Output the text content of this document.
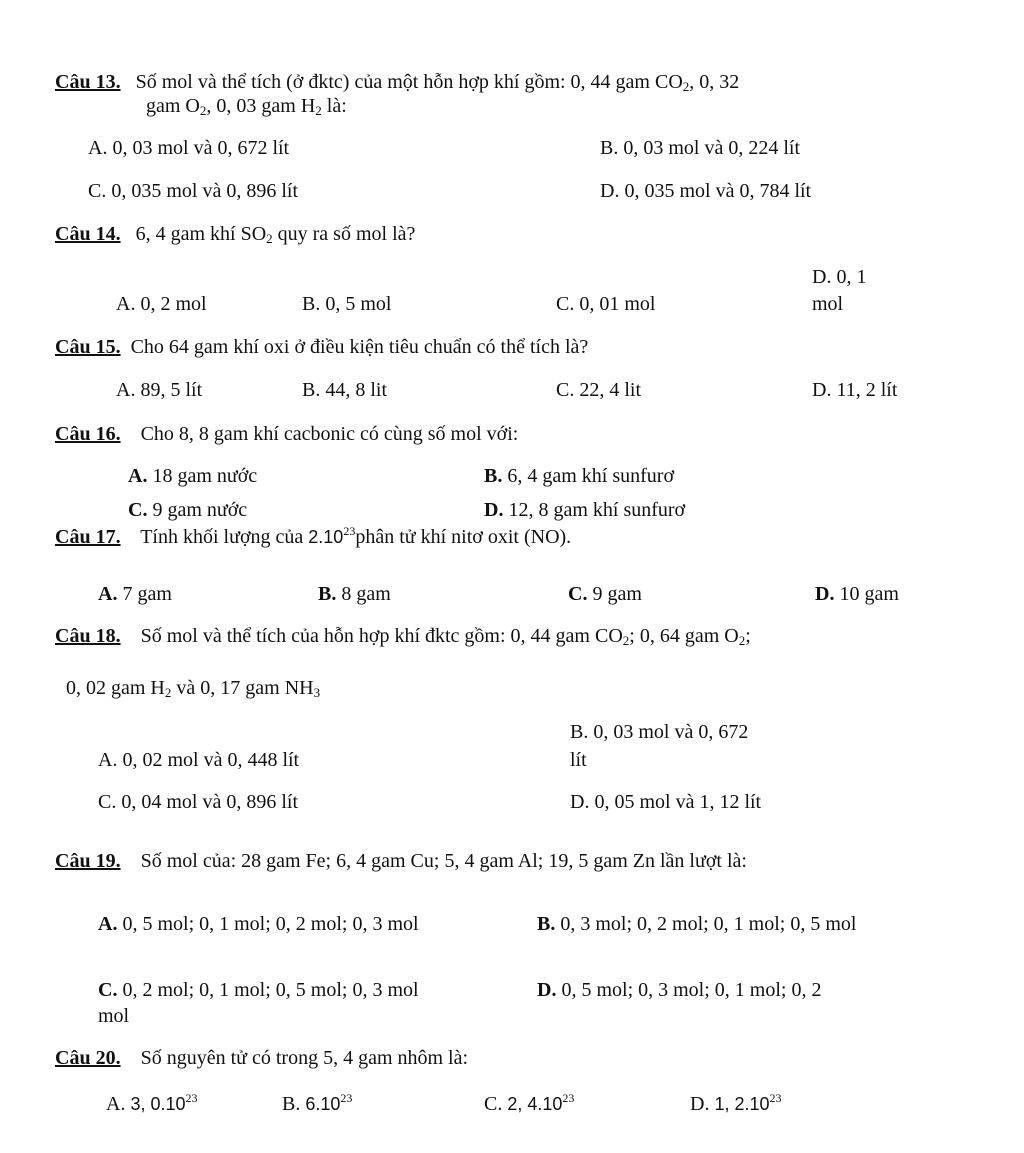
Câu 13. Số mol và thể tích (ở đktc) của một hỗn hợp khí gồm: 0, 44 gam $CO_2$, 0, 32
gam $O_2$, 0, 03 gam $H_2$ là:
A. 0, 03 mol và 0, 672 lít	B. 0, 03 mol và 0, 224 lít
C. 0, 035 mol và 0, 896 lít	D. 0, 035 mol và 0, 784 lít
Câu 14. 6, 4 gam khí $SO_2$ quy ra số mol là?
A. 0, 2 mol	B. 0, 5 mol	C. 0, 01 mol
D. 0, 1
mol
Câu 15. Cho 64 gam khí oxi ở điều kiện tiêu chuẩn có thể tích là?
A. 89, 5 lít	B. 44, 8 lit	C. 22, 4 lit	D. 11, 2 lít
Câu 16. Cho 8, 8 gam khí cacbonic có cùng số mol với:
A. 18 gam nước	B. 6, 4 gam khí sunfurơ
C. 9 gam nước	D. 12, 8 gam khí sunfurơ
Câu 17. Tính khối lượng của 2.10$^{23}$phân tử khí nitơ oxit (NO).
A. 7 gam	B. 8 gam	C. 9 gam	D. 10 gam
Câu 18. Số mol và thể tích của hỗn hợp khí đktc gồm: 0, 44 gam $CO_2$; 0, 64 gam $O_2$;
0, 02 gam $H_2$ và 0, 17 gam $NH_3$
A. 0, 02 mol và 0, 448 lít
B. 0, 03 mol và 0, 672
lít
C. 0, 04 mol và 0, 896 lít	D. 0, 05 mol và 1, 12 lít
Câu 19. Số mol của: 28 gam Fe; 6, 4 gam Cu; 5, 4 gam Al; 19, 5 gam Zn lần lượt là:
A. 0, 5 mol; 0, 1 mol; 0, 2 mol; 0, 3 mol	B. 0, 3 mol; 0, 2 mol; 0, 1 mol; 0, 5 mol
C. 0, 2 mol; 0, 1 mol; 0, 5 mol; 0, 3 mol	D. 0, 5 mol; 0, 3 mol; 0, 1 mol; 0, 2
mol
Câu 20. Số nguyên tử có trong 5, 4 gam nhôm là:
A. 3, 0.10$^{23}$	B. 6.10$^{23}$	C. 2, 4.10$^{23}$	D. 1, 2.10$^{23}$
